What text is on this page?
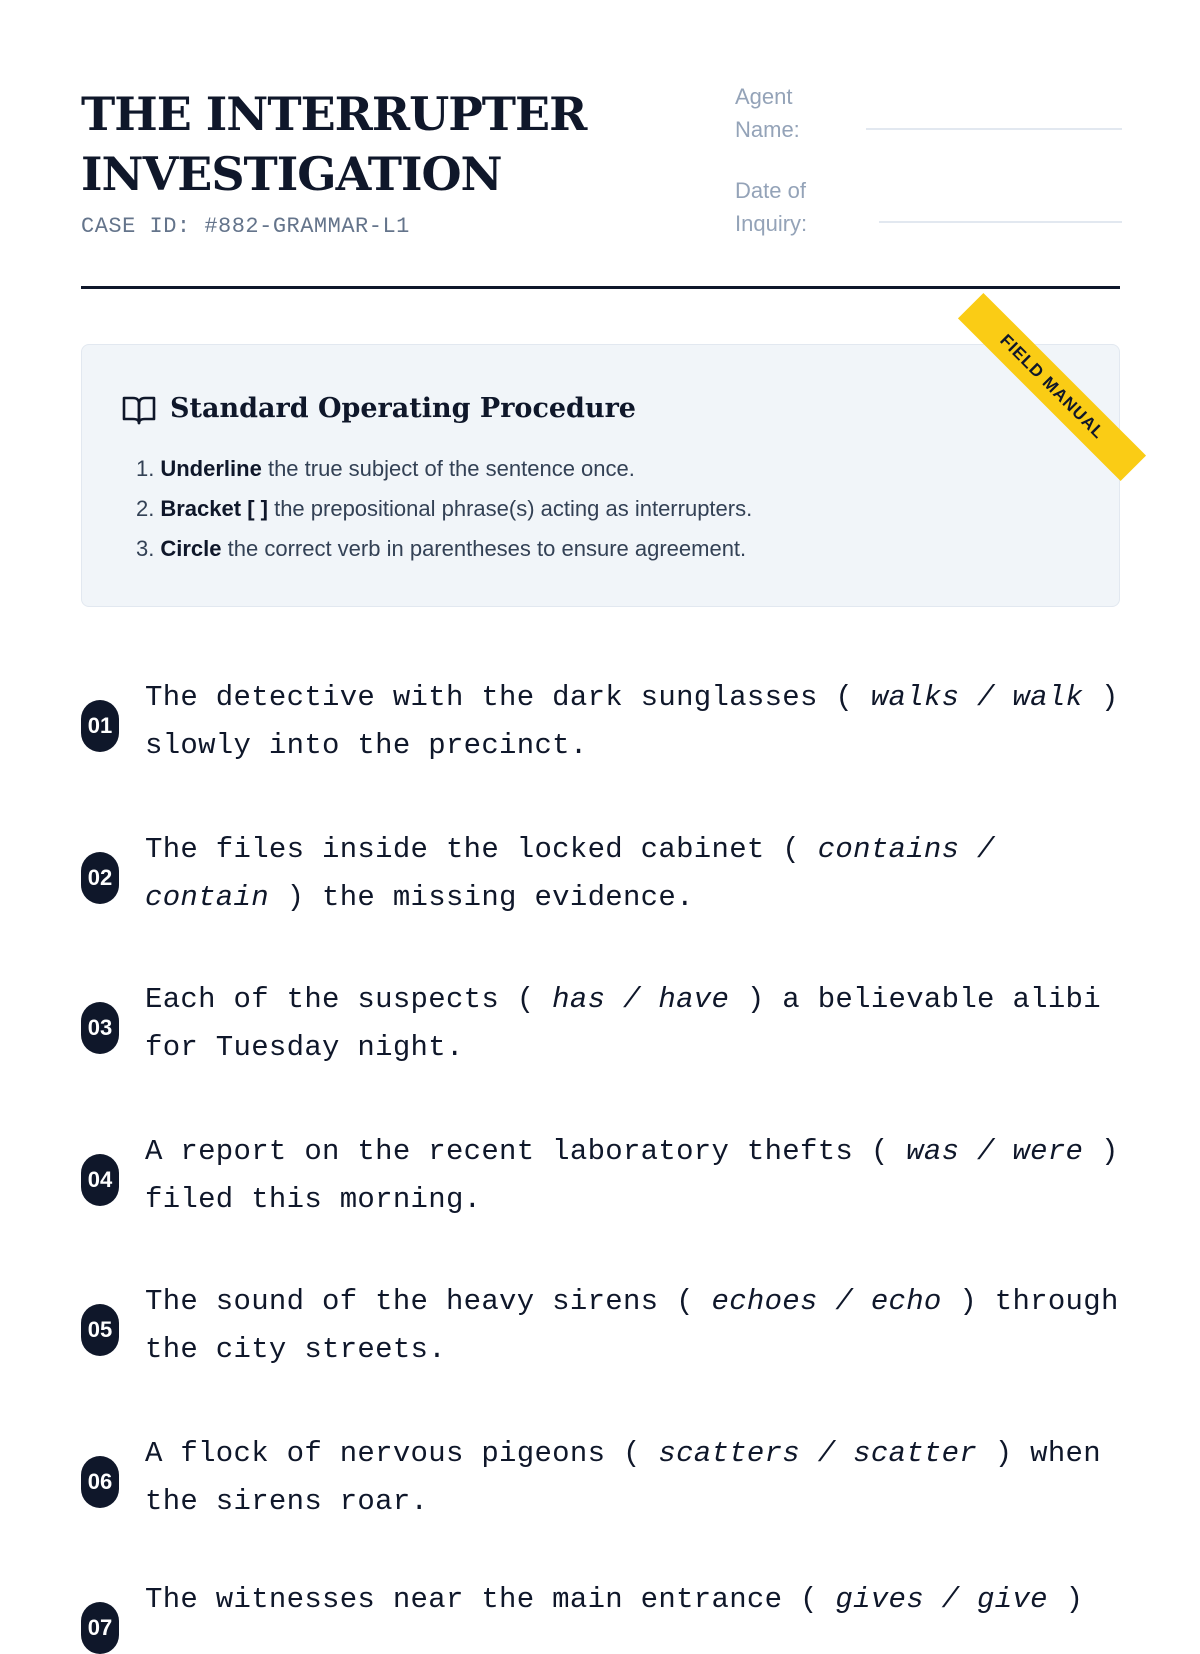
THE INTERRUPTER
INVESTIGATION
CASE ID: #882-GRAMMAR-L1
Agent
Name:
Date of
Inquiry:
FIELD MANUAL
Standard Operating Procedure
1. Underline the true subject of the sentence once.
2. Bracket [ ] the prepositional phrase(s) acting as interrupters.
3. Circle the correct verb in parentheses to ensure agreement.
01

The detective with the dark sunglasses ( walks / walk ) slowly into the precinct.

02

The files inside the locked cabinet ( contains / contain ) the missing evidence.

03

Each of the suspects ( has / have ) a believable alibi for Tuesday night.

04

A report on the recent laboratory thefts ( was / were ) filed this morning.

05

The sound of the heavy sirens ( echoes / echo ) through the city streets.

06

A flock of nervous pigeons ( scatters / scatter ) when the sirens roar.

07

The witnesses near the main entrance ( gives / give )
